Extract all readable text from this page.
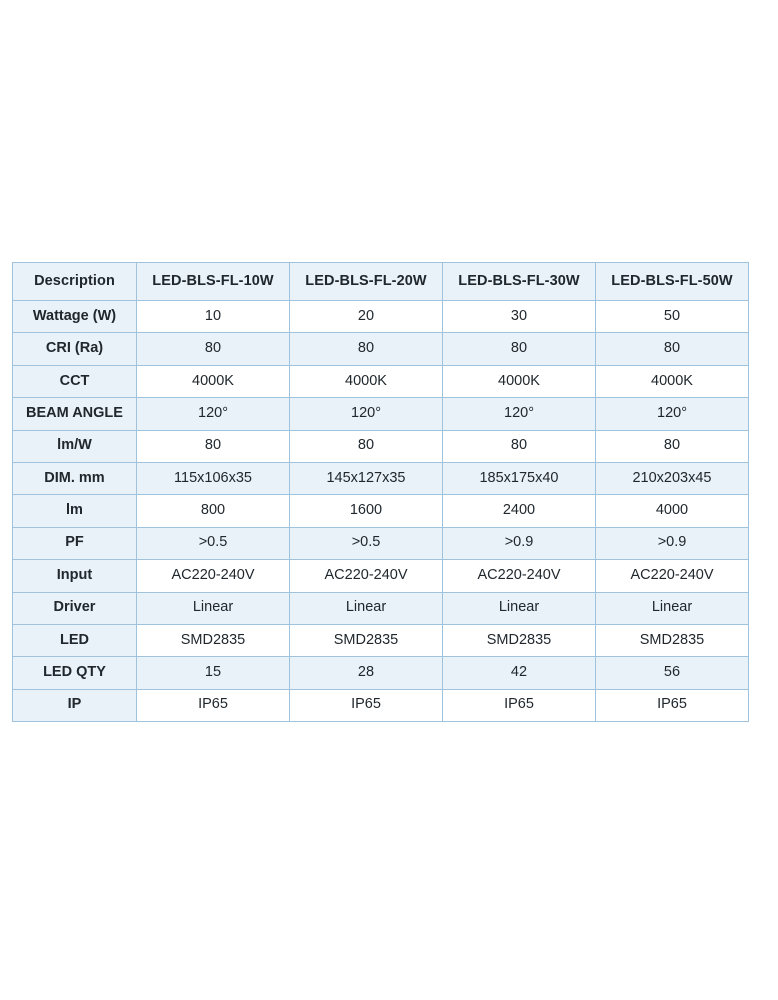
Description	LED-BLS-FL-10W	LED-BLS-FL-20W	LED-BLS-FL-30W	LED-BLS-FL-50W
Wattage (W)	10	20	30	50
CRI (Ra)	80	80	80	80
CCT	4000K	4000K	4000K	4000K
BEAM ANGLE	120°	120°	120°	120°
lm/W	80	80	80	80
DIM. mm	115x106x35	145x127x35	185x175x40	210x203x45
lm	800	1600	2400	4000
PF	>0.5	>0.5	>0.9	>0.9
Input	AC220-240V	AC220-240V	AC220-240V	AC220-240V
Driver	Linear	Linear	Linear	Linear
LED	SMD2835	SMD2835	SMD2835	SMD2835
LED QTY	15	28	42	56
IP	IP65	IP65	IP65	IP65
